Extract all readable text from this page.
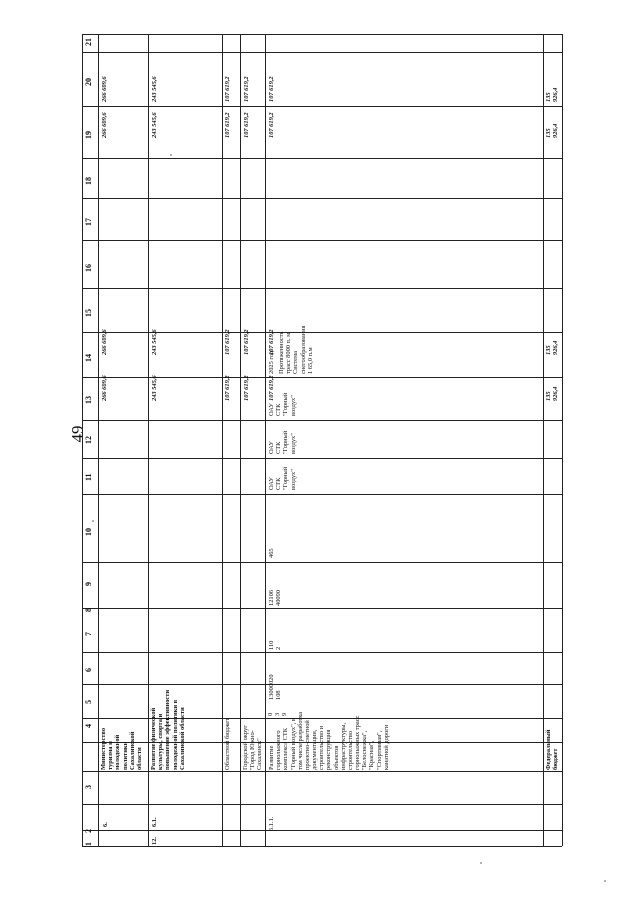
49
1
2
3
4
5
6
7
8
9
10
11
12
13
14
15
16
17
18
19
20
21
6.
Министерство туризма и молодежной политики Сахалинской области
266 609,6
266 609,6
266 609,6
266 609,6
12.
6.1.
Развитие физической культуры, спорта и повышение эффективности молодежной политики в Сахалинской области
243 545,6
243 545,6
243 545,6
243 545,6
Областной бюджет
107 619,2
107 619,2
107 619,2
107 619,2
Городской округ "Город Южно-Сахалинск"
107 619,2
107 619,2
107 619,2
107 619,2
6.1.1.
Развитие горнолыжного комплекса СТК "Горный воздух", в том числе разработка проектно-сметной документации, строительство и реконструкция объектов инфраструктуры, строительство горнолыжных трасс "Белоснежка", "Красная", "Спортивная", канатной дороги
0
3
9
13000020
108
110
2
12106
40090
465
ОАУ
СТК
"Горный
воздух"
ОАУ
СТК
"Горный
воздух"
ОАУ
СТК
"Горный
воздух"
2025 год Протяженность трасс 8000 п. м
Система снегообразования 1 65,0 п.м
107 619,2
107 619,2
107 619,2
107 619,2
Федеральный бюджет
135 926,4
135 926,4
135 926,4
135 926,4
